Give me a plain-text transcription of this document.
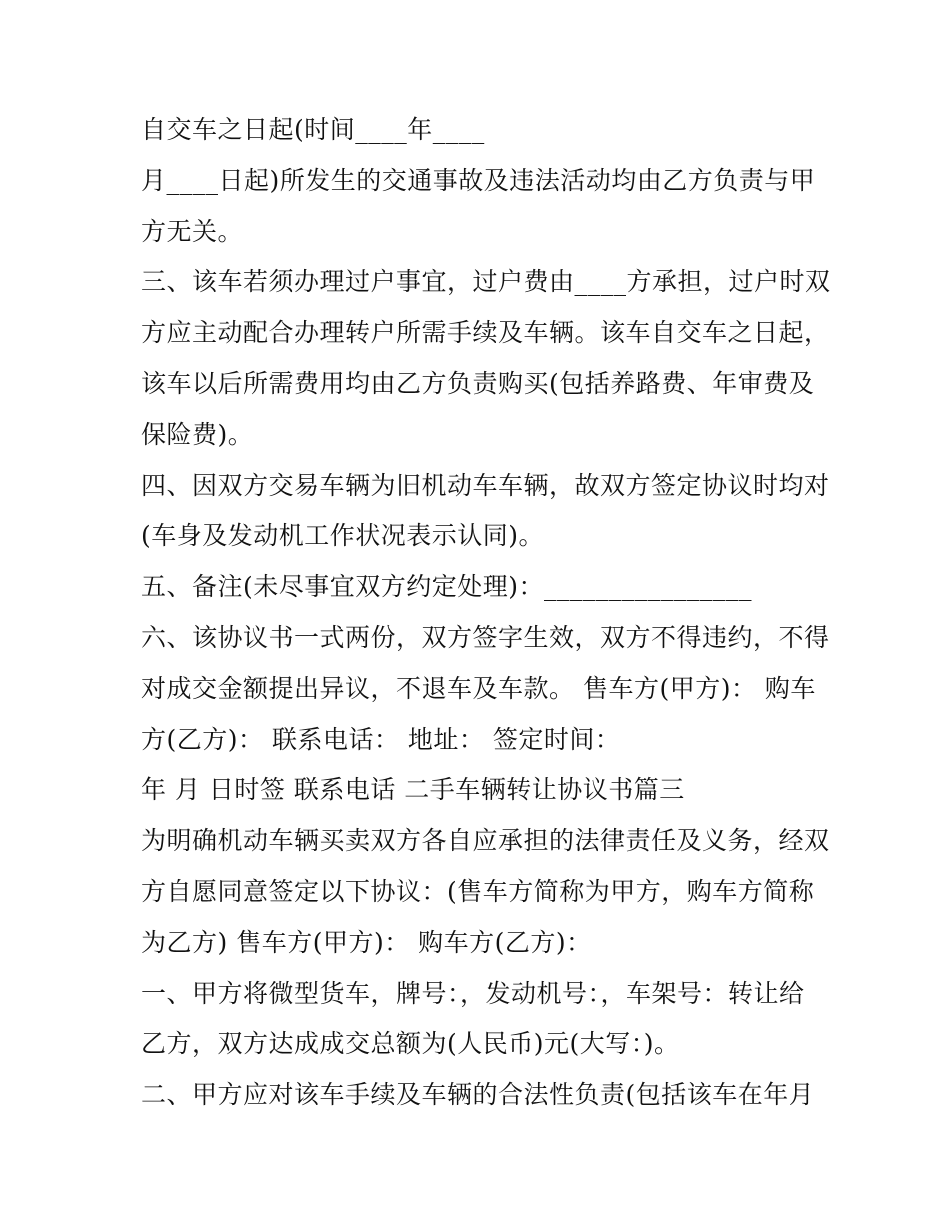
自交车之日起(时间____年____
月____日起)所发生的交通事故及违法活动均由乙方负责与甲
方无关。
三、该车若须办理过户事宜，过户费由____方承担，过户时双
方应主动配合办理转户所需手续及车辆。该车自交车之日起，
该车以后所需费用均由乙方负责购买(包括养路费、年审费及
保险费)。
四、因双方交易车辆为旧机动车车辆，故双方签定协议时均对
(车身及发动机工作状况表示认同)。
五、备注(未尽事宜双方约定处理)：________________
六、该协议书一式两份，双方签字生效，双方不得违约，不得
对成交金额提出异议，不退车及车款。 售车方(甲方)： 购车
方(乙方)： 联系电话： 地址： 签定时间：
年 月 日时签 联系电话 二手车辆转让协议书篇三
为明确机动车辆买卖双方各自应承担的法律责任及义务，经双
方自愿同意签定以下协议：(售车方简称为甲方，购车方简称
为乙方) 售车方(甲方)： 购车方(乙方)：
一、甲方将微型货车，牌号：，发动机号：，车架号：转让给
乙方，双方达成成交总额为(人民币)元(大写：)。
二、甲方应对该车手续及车辆的合法性负责(包括该车在年月
